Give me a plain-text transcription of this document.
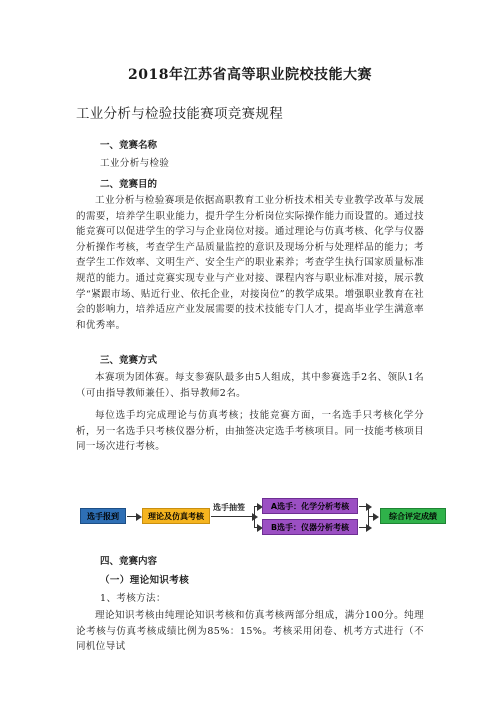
2018年江苏省高等职业院校技能大赛
工业分析与检验技能赛项竞赛规程
一、竞赛名称
工业分析与检验
二、竞赛目的
工业分析与检验赛项是依据高职教育工业分析技术相关专业教学改革与发展的需要，培养学生职业能力，提升学生分析岗位实际操作能力而设置的。通过技能竞赛可以促进学生的学习与企业岗位对接。通过理论与仿真考核、化学与仪器分析操作考核，考查学生产品质量监控的意识及现场分析与处理样品的能力；考查学生工作效率、文明生产、安全生产的职业素养；考查学生执行国家质量标准规范的能力。通过竞赛实现专业与产业对接、课程内容与职业标准对接，展示教学“紧跟市场、贴近行业、依托企业，对接岗位”的教学成果。增强职业教育在社会的影响力，培养适应产业发展需要的技术技能专门人才，提高毕业学生满意率和优秀率。
三、竞赛方式
本赛项为团体赛。每支参赛队最多由5人组成，其中参赛选手2名、领队1名（可由指导教师兼任）、指导教师2名。
每位选手均完成理论与仿真考核；技能竞赛方面，一名选手只考核化学分析，另一名选手只考核仪器分析，由抽签决定选手考核项目。同一技能考核项目同一场次进行考核。
选手报到	理论及仿真考核
选手抽签	A选手：化学分析考核
B选手：仪器分析考核
综合评定成绩
四、竞赛内容
（一）理论知识考核
1、考核方法：
理论知识考核由纯理论知识考核和仿真考核两部分组成，满分100分。纯理论考核与仿真考核成绩比例为85%：15%。考核采用闭卷、机考方式进行（不同机位导试
